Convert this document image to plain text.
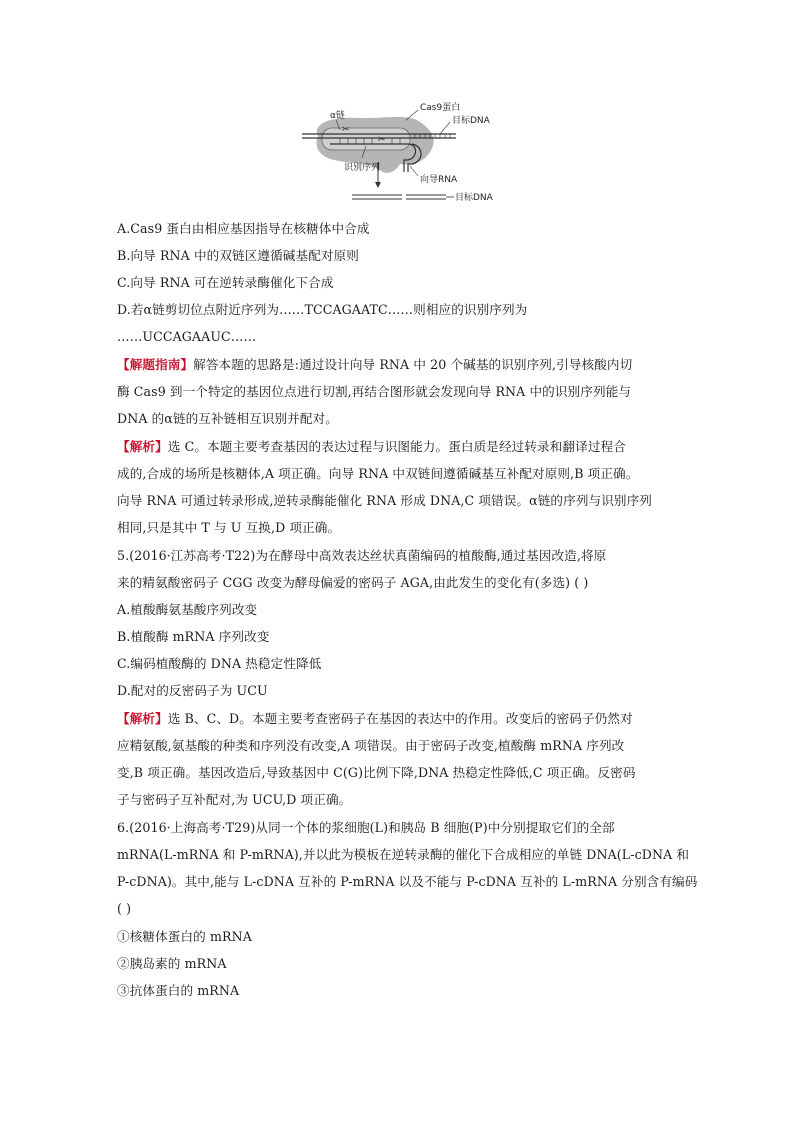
✂
✂
α链
Cas9蛋白
目标DNA
识别序列
向导RNA
目标DNA
A.Cas9 蛋白由相应基因指导在核糖体中合成
B.向导 RNA 中的双链区遵循碱基配对原则
C.向导 RNA 可在逆转录酶催化下合成
D.若α链剪切位点附近序列为……TCCAGAATC……则相应的识别序列为
……UCCAGAAUC……
【解题指南】解答本题的思路是:通过设计向导 RNA 中 20 个碱基的识别序列,引导核酸内切
酶 Cas9 到一个特定的基因位点进行切割,再结合图形就会发现向导 RNA 中的识别序列能与
DNA 的α链的互补链相互识别并配对。
【解析】选 C。本题主要考查基因的表达过程与识图能力。蛋白质是经过转录和翻译过程合
成的,合成的场所是核糖体,A 项正确。向导 RNA 中双链间遵循碱基互补配对原则,B 项正确。
向导 RNA 可通过转录形成,逆转录酶能催化 RNA 形成 DNA,C 项错误。α链的序列与识别序列
相同,只是其中 T 与 U 互换,D 项正确。
5.(2016·江苏高考·T22)为在酵母中高效表达丝状真菌编码的植酸酶,通过基因改造,将原
来的精氨酸密码子 CGG 改变为酵母偏爱的密码子 AGA,由此发生的变化有(多选) ( )
A.植酸酶氨基酸序列改变
B.植酸酶 mRNA 序列改变
C.编码植酸酶的 DNA 热稳定性降低
D.配对的反密码子为 UCU
【解析】选 B、C、D。本题主要考查密码子在基因的表达中的作用。改变后的密码子仍然对
应精氨酸,氨基酸的种类和序列没有改变,A 项错误。由于密码子改变,植酸酶 mRNA 序列改
变,B 项正确。基因改造后,导致基因中 C(G)比例下降,DNA 热稳定性降低,C 项正确。反密码
子与密码子互补配对,为 UCU,D 项正确。
6.(2016·上海高考·T29)从同一个体的浆细胞(L)和胰岛 B 细胞(P)中分别提取它们的全部
mRNA(L-mRNA 和 P-mRNA),并以此为模板在逆转录酶的催化下合成相应的单链 DNA(L-cDNA 和
P-cDNA)。其中,能与 L-cDNA 互补的 P-mRNA 以及不能与 P-cDNA 互补的 L-mRNA 分别含有编码
( )
①核糖体蛋白的 mRNA
②胰岛素的 mRNA
③抗体蛋白的 mRNA
